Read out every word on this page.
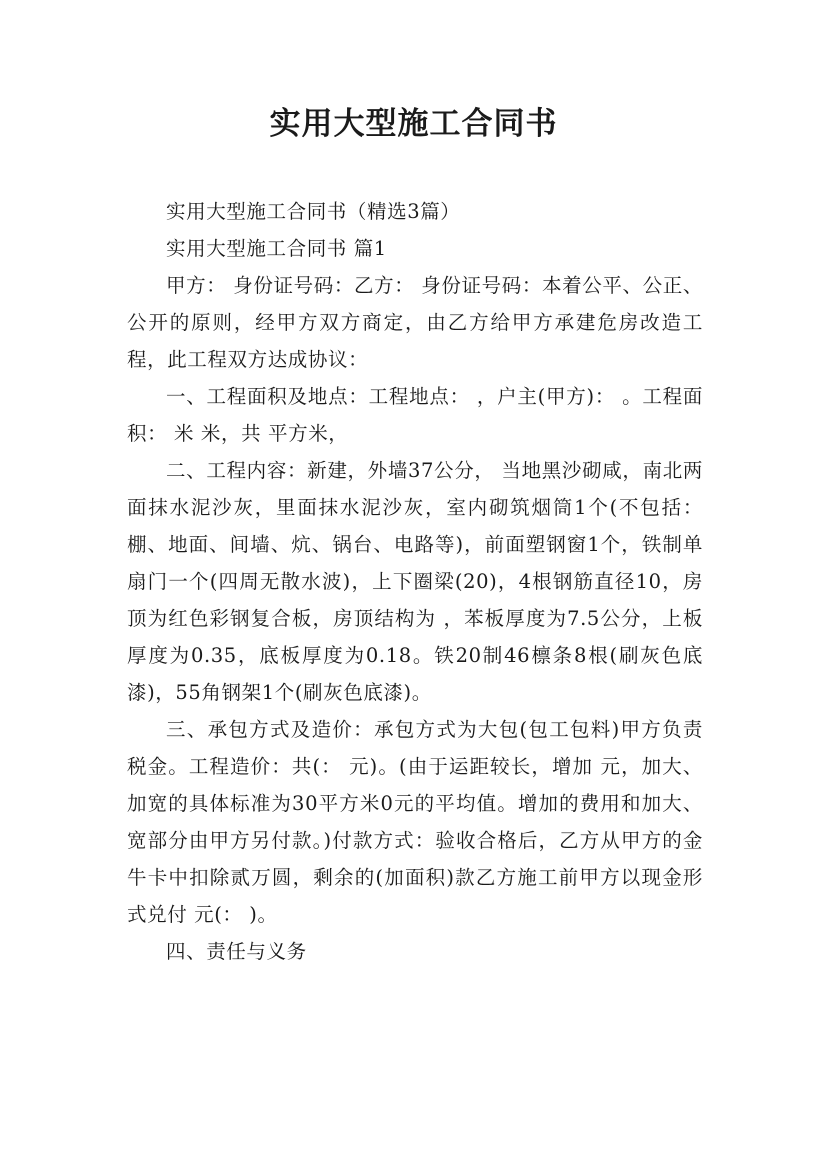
实用大型施工合同书

实用大型施工合同书（精选3篇）

实用大型施工合同书 篇1

甲方： 身份证号码：乙方： 身份证号码：本着公平、公正、公开的原则，经甲方双方商定，由乙方给甲方承建危房改造工程，此工程双方达成协议：

一、工程面积及地点：工程地点： ，户主(甲方)： 。工程面积： 米 米，共 平方米，

二、工程内容：新建，外墙37公分， 当地黑沙砌咸，南北两面抹水泥沙灰，里面抹水泥沙灰，室内砌筑烟筒1个(不包括：棚、地面、间墙、炕、锅台、电路等)，前面塑钢窗1个，铁制单扇门一个(四周无散水波)，上下圈梁(20)，4根钢筋直径10，房顶为红色彩钢复合板，房顶结构为 ，苯板厚度为7.5公分，上板厚度为0.35，底板厚度为0.18。铁20制46檩条8根(刷灰色底漆)，55角钢架1个(刷灰色底漆)。

三、承包方式及造价：承包方式为大包(包工包料)甲方负责税金。工程造价：共(： 元)。(由于运距较长，增加 元，加大、加宽的具体标准为30平方米0元的平均值。增加的费用和加大、宽部分由甲方另付款。)付款方式：验收合格后，乙方从甲方的金牛卡中扣除贰万圆，剩余的(加面积)款乙方施工前甲方以现金形式兑付 元(： )。

四、责任与义务
